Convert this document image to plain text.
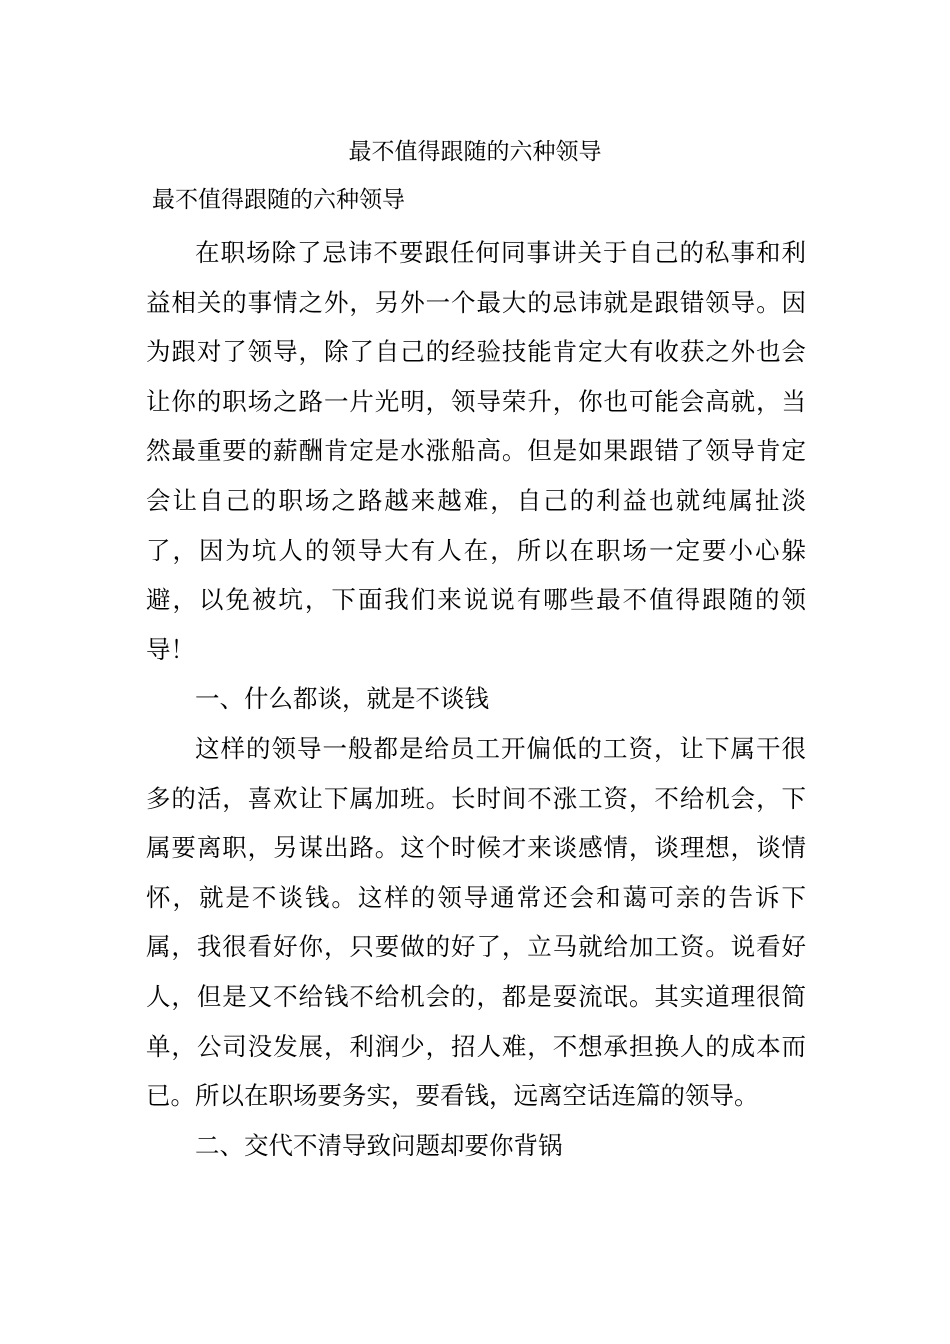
最不值得跟随的六种领导
最不值得跟随的六种领导

在职场除了忌讳不要跟任何同事讲关于自己的私事和利益相关的事情之外，另外一个最大的忌讳就是跟错领导。因为跟对了领导，除了自己的经验技能肯定大有收获之外也会让你的职场之路一片光明，领导荣升，你也可能会高就，当然最重要的薪酬肯定是水涨船高。但是如果跟错了领导肯定会让自己的职场之路越来越难，自己的利益也就纯属扯淡了，因为坑人的领导大有人在，所以在职场一定要小心躲避，以免被坑，下面我们来说说有哪些最不值得跟随的领导！

一、什么都谈，就是不谈钱

这样的领导一般都是给员工开偏低的工资，让下属干很多的活，喜欢让下属加班。长时间不涨工资，不给机会，下属要离职，另谋出路。这个时候才来谈感情，谈理想，谈情怀，就是不谈钱。这样的领导通常还会和蔼可亲的告诉下属，我很看好你，只要做的好了，立马就给加工资。说看好人，但是又不给钱不给机会的，都是耍流氓。其实道理很简单，公司没发展，利润少，招人难，不想承担换人的成本而已。所以在职场要务实，要看钱，远离空话连篇的领导。

二、交代不清导致问题却要你背锅
